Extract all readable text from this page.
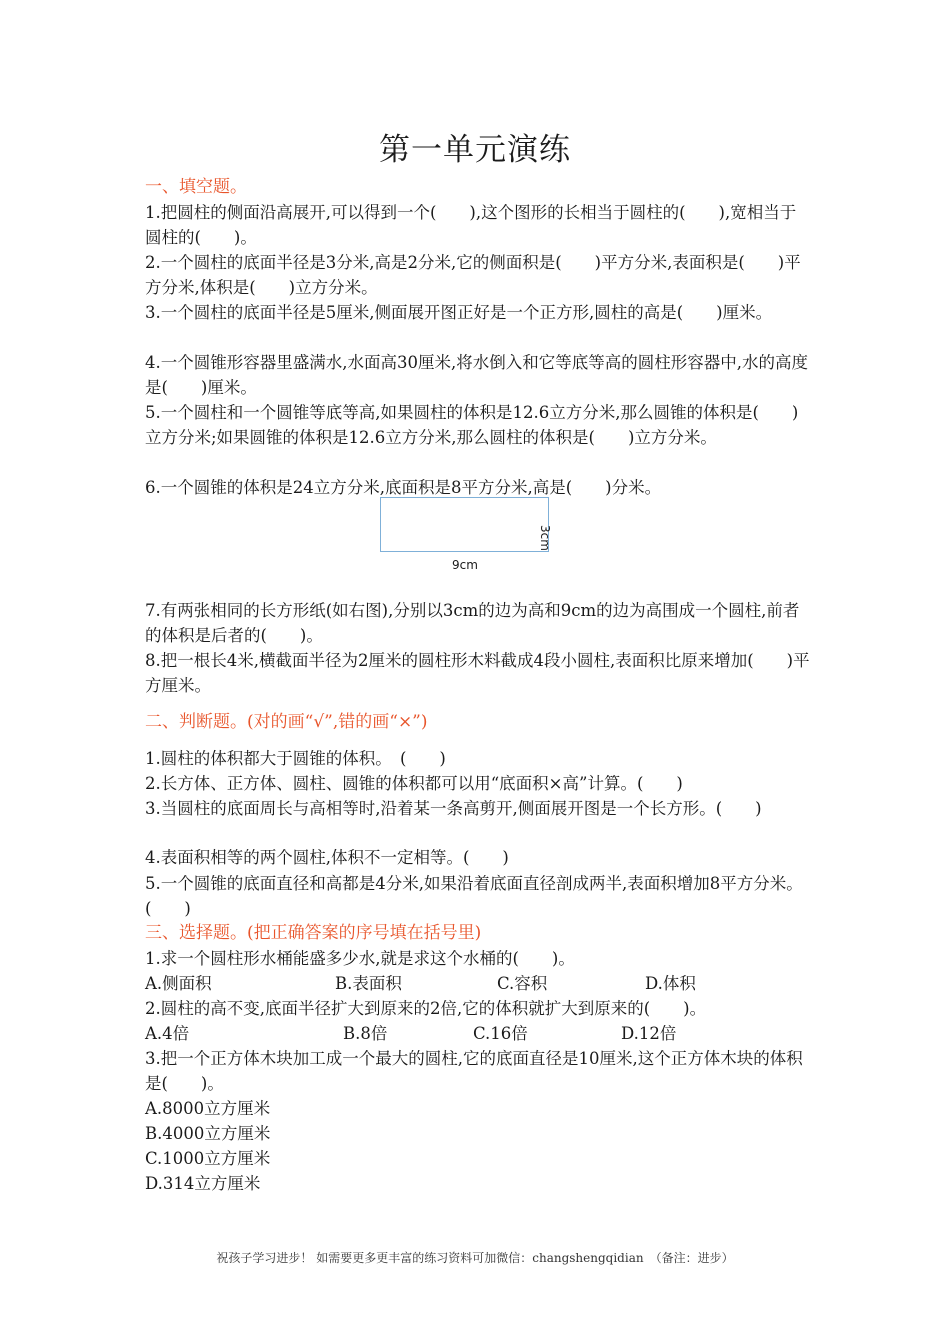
第一单元演练
一、填空题。

1.把圆柱的侧面沿高展开,可以得到一个(　　),这个图形的长相当于圆柱的(　　),宽相当于圆柱的(　　)。

2.一个圆柱的底面半径是3分米,高是2分米,它的侧面积是(　　)平方分米,表面积是(　　)平方分米,体积是(　　)立方分米。

3.一个圆柱的底面半径是5厘米,侧面展开图正好是一个正方形,圆柱的高是(　　)厘米。

4.一个圆锥形容器里盛满水,水面高30厘米,将水倒入和它等底等高的圆柱形容器中,水的高度是(　　)厘米。

5.一个圆柱和一个圆锥等底等高,如果圆柱的体积是12.6立方分米,那么圆锥的体积是(　　)立方分米;如果圆锥的体积是12.6立方分米,那么圆柱的体积是(　　)立方分米。

6.一个圆锥的体积是24立方分米,底面积是8平方分米,高是(　　)分米。

3cm
9cm

7.有两张相同的长方形纸(如右图),分别以3cm的边为高和9cm的边为高围成一个圆柱,前者的体积是后者的(　　)。

8.把一根长4米,横截面半径为2厘米的圆柱形木料截成4段小圆柱,表面积比原来增加(　　)平方厘米。

二、判断题。(对的画“√”,错的画“×”)

1.圆柱的体积都大于圆锥的体积。　(　　)

2.长方体、正方体、圆柱、圆锥的体积都可以用“底面积×高”计算。(　　)

3.当圆柱的底面周长与高相等时,沿着某一条高剪开,侧面展开图是一个长方形。(　　)

4.表面积相等的两个圆柱,体积不一定相等。(　　)

5.一个圆锥的底面直径和高都是4分米,如果沿着底面直径剖成两半,表面积增加8平方分米。(　　)

三、选择题。(把正确答案的序号填在括号里)

1.求一个圆柱形水桶能盛多少水,就是求这个水桶的(　　)。

A.侧面积	B.表面积	C.容积	D.体积

2.圆柱的高不变,底面半径扩大到原来的2倍,它的体积就扩大到原来的(　　)。

A.4倍	B.8倍	C.16倍	D.12倍

3.把一个正方体木块加工成一个最大的圆柱,它的底面直径是10厘米,这个正方体木块的体积是(　　)。

A.8000立方厘米

B.4000立方厘米

C.1000立方厘米

D.314立方厘米

祝孩子学习进步！ 如需要更多更丰富的练习资料可加微信：changshengqidian　（备注：进步）
